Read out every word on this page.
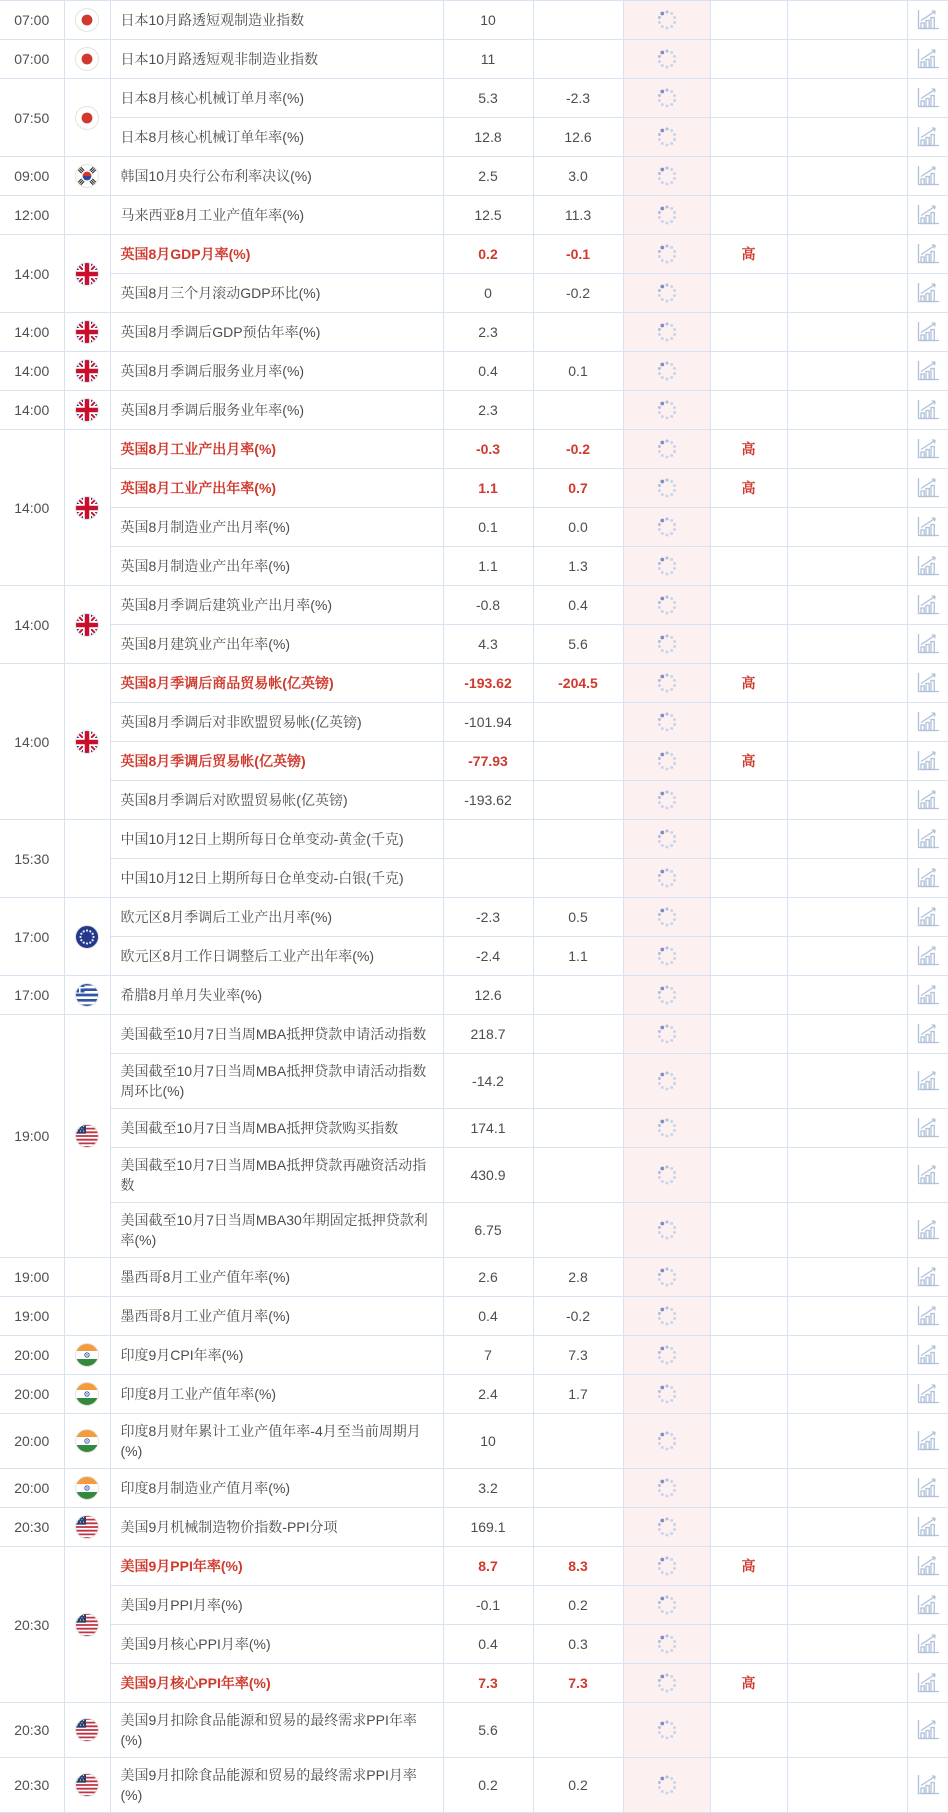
07:00		日本10月路透短观制造业指数	10					
07:00		日本10月路透短观非制造业指数	11					
07:50		日本8月核心机械订单月率(%)	5.3	-2.3				
		日本8月核心机械订单年率(%)	12.8	12.6				
09:00		韩国10月央行公布利率决议(%)	2.5	3.0				
12:00		马来西亚8月工业产值年率(%)	12.5	11.3				
14:00		英国8月GDP月率(%)	0.2	-0.1		高		
		英国8月三个月滚动GDP环比(%)	0	-0.2				
14:00		英国8月季调后GDP预估年率(%)	2.3					
14:00		英国8月季调后服务业月率(%)	0.4	0.1				
14:00		英国8月季调后服务业年率(%)	2.3					
14:00		英国8月工业产出月率(%)	-0.3	-0.2		高		
		英国8月工业产出年率(%)	1.1	0.7		高		
		英国8月制造业产出月率(%)	0.1	0.0				
		英国8月制造业产出年率(%)	1.1	1.3				
14:00		英国8月季调后建筑业产出月率(%)	-0.8	0.4				
		英国8月建筑业产出年率(%)	4.3	5.6				
14:00		英国8月季调后商品贸易帐(亿英镑)	-193.62	-204.5		高		
		英国8月季调后对非欧盟贸易帐(亿英镑)	-101.94					
		英国8月季调后贸易帐(亿英镑)	-77.93			高		
		英国8月季调后对欧盟贸易帐(亿英镑)	-193.62					
15:30		中国10月12日上期所每日仓单变动-黄金(千克)						
		中国10月12日上期所每日仓单变动-白银(千克)						
17:00		欧元区8月季调后工业产出月率(%)	-2.3	0.5				
		欧元区8月工作日调整后工业产出年率(%)	-2.4	1.1				
17:00		希腊8月单月失业率(%)	12.6					
19:00		美国截至10月7日当周MBA抵押贷款申请活动指数	218.7					
		美国截至10月7日当周MBA抵押贷款申请活动指数周环比(%)	-14.2					
		美国截至10月7日当周MBA抵押贷款购买指数	174.1					
		美国截至10月7日当周MBA抵押贷款再融资活动指数	430.9					
		美国截至10月7日当周MBA30年期固定抵押贷款利率(%)	6.75					
19:00		墨西哥8月工业产值年率(%)	2.6	2.8				
19:00		墨西哥8月工业产值月率(%)	0.4	-0.2				
20:00		印度9月CPI年率(%)	7	7.3				
20:00		印度8月工业产值年率(%)	2.4	1.7				
20:00		印度8月财年累计工业产值年率-4月至当前周期月(%)	10					
20:00		印度8月制造业产值月率(%)	3.2					
20:30		美国9月机械制造物价指数-PPI分项	169.1					
20:30		美国9月PPI年率(%)	8.7	8.3		高		
		美国9月PPI月率(%)	-0.1	0.2				
		美国9月核心PPI月率(%)	0.4	0.3				
		美国9月核心PPI年率(%)	7.3	7.3		高		
20:30		美国9月扣除食品能源和贸易的最终需求PPI年率(%)	5.6					
20:30		美国9月扣除食品能源和贸易的最终需求PPI月率(%)	0.2	0.2				
